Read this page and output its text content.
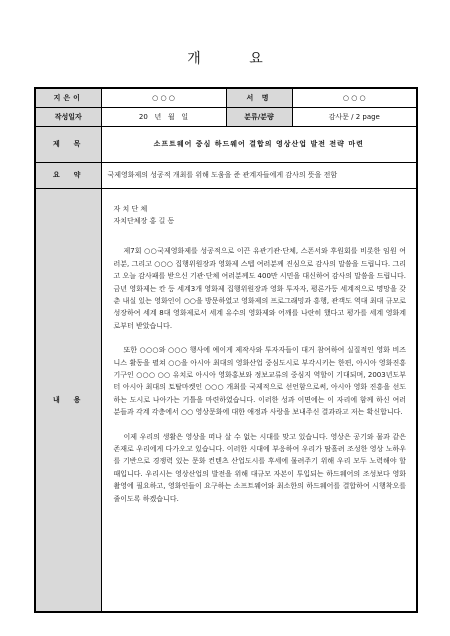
개 요
지은이	○ ○ ○	서 명	○ ○ ○
작성일자	20   년   월   일	분류/분량	감사문 / 2 page
제  목	소프트웨어 중심 하드웨어 결합의 영상산업 발전 전략 마련		
요  약	국제영화제의 성공적 개최를 위해 도움을 준 관계자들에게 감사의 뜻을 전함		
내  용	자 치 단 체

자치단체장 홍 길 동

제7회 ○○국제영화제를 성공적으로 이끈 유관기관·단체, 스폰서와 후원회를 비롯한 임원 여러분, 그리고 ○○○ 집행위원장과 영화제 스텝 여러분께 진심으로 감사의 말씀을 드립니다. 그리고 오늘 감사패를 받으신 기관·단체 여러분께도 400만 시민을 대신하여 감사의 말씀을 드립니다. 금년 영화제는 칸 등 세계3개 영화제 집행위원장과 영화 투자자, 평론가등 세계적으로 명망을 갖춘 내실 있는 영화인이 ○○을 방문하였고 영화제의 프로그래밍과 흥행, 관객도 역대 최대 규모로 성장하여 세계 8대 영화제로서 세계 유수의 영화제와 어깨를 나란히 했다고 평가를 세계 영화계로부터 받았습니다.

또한 ○○○와 ○○○ 행사에 예이게 제작사와 투자자들이 대거 참여하여 실질적인 영화 비즈니스 활동을 펼쳐 ○○을 아시아 최대의 영화산업 중심도시로 부각시키는 한편, 아시아 영화진흥 기구인 ○○○ ○○ 유치로 아시아 영화홍보와 정보교류의 중심지 역할이 기대되며, 2003년도부터 아시아 최대의 토탈마켓인 ○○○ 개최를 국제적으로 선언함으로써, 아시아 영화 진흥을 선도하는 도시로 나아가는 기틀을 마련하였습니다. 이러한 성과 이면에는 이 자리에 함께 하신 여러분들과 각계 각층에서 ○○ 영상문화에 대한 애정과 사랑을 보내주신 결과라고 저는 확신합니다.

이제 우리의 생활은 영상을 떠나 살 수 없는 시대를 맞고 있습니다. 영상은 공기와 물과 같은 존재로 우리에게 다가오고 있습니다. 이러한 시대에 부응하여 우리가 땀흘려 조성한 영상 노하우를 기반으로 경쟁력 있는 문화 컨텐츠 산업도시를 후세에 물려주기 위해 우리 모두 노력해야 할 때입니다. 우리시는 영상산업의 발전을 위해 대규모 자본이 투입되는 하드웨어의 조성보다 영화촬영에 필요하고, 영화인들이 요구하는 소프트웨어와 최소한의 하드웨어를 결합하여 시행착오를 줄이도록 하겠습니다.		
